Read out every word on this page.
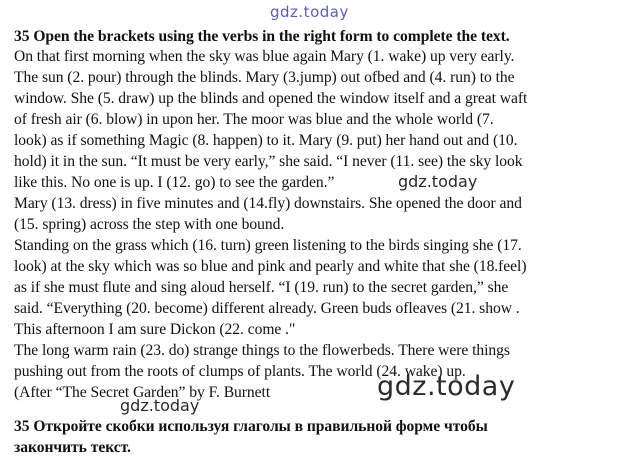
gdz.today
35 Open the brackets using the verbs in the right form to complete the text.
On that first morning when the sky was blue again Mary (1. wake) up very early.
The sun (2. pour) through the blinds. Mary (3.jump) out ofbed and (4. run) to the
window. She (5. draw) up the blinds and opened the window itself and a great waft
of fresh air (6. blow) in upon her. The moor was blue and the whole world (7.
look) as if something Magic (8. happen) to it. Mary (9. put) her hand out and (10.
hold) it in the sun. “It must be very early,” she said. “I never (11. see) the sky look
like this. No one is up. I (12. go) to see the garden.”
Mary (13. dress) in five minutes and (14.fly) downstairs. She opened the door and
(15. spring) across the step with one bound.
Standing on the grass which (16. turn) green listening to the birds singing she (17.
look) at the sky which was so blue and pink and pearly and white that she (18.feel)
as if she must flute and sing aloud herself. “I (19. run) to the secret garden,” she
said. “Everything (20. become) different already. Green buds ofleaves (21. show .
This afternoon I am sure Dickon (22. come ."
The long warm rain (23. do) strange things to the flowerbeds. There were things
pushing out from the roots of clumps of plants. The world (24. wake) up.
(After “The Secret Garden” by F. Burnett
35 Откройте скобки используя глаголы в правильной форме чтобы
закончить текст.
gdz.today
gdz.today
gdz.today
